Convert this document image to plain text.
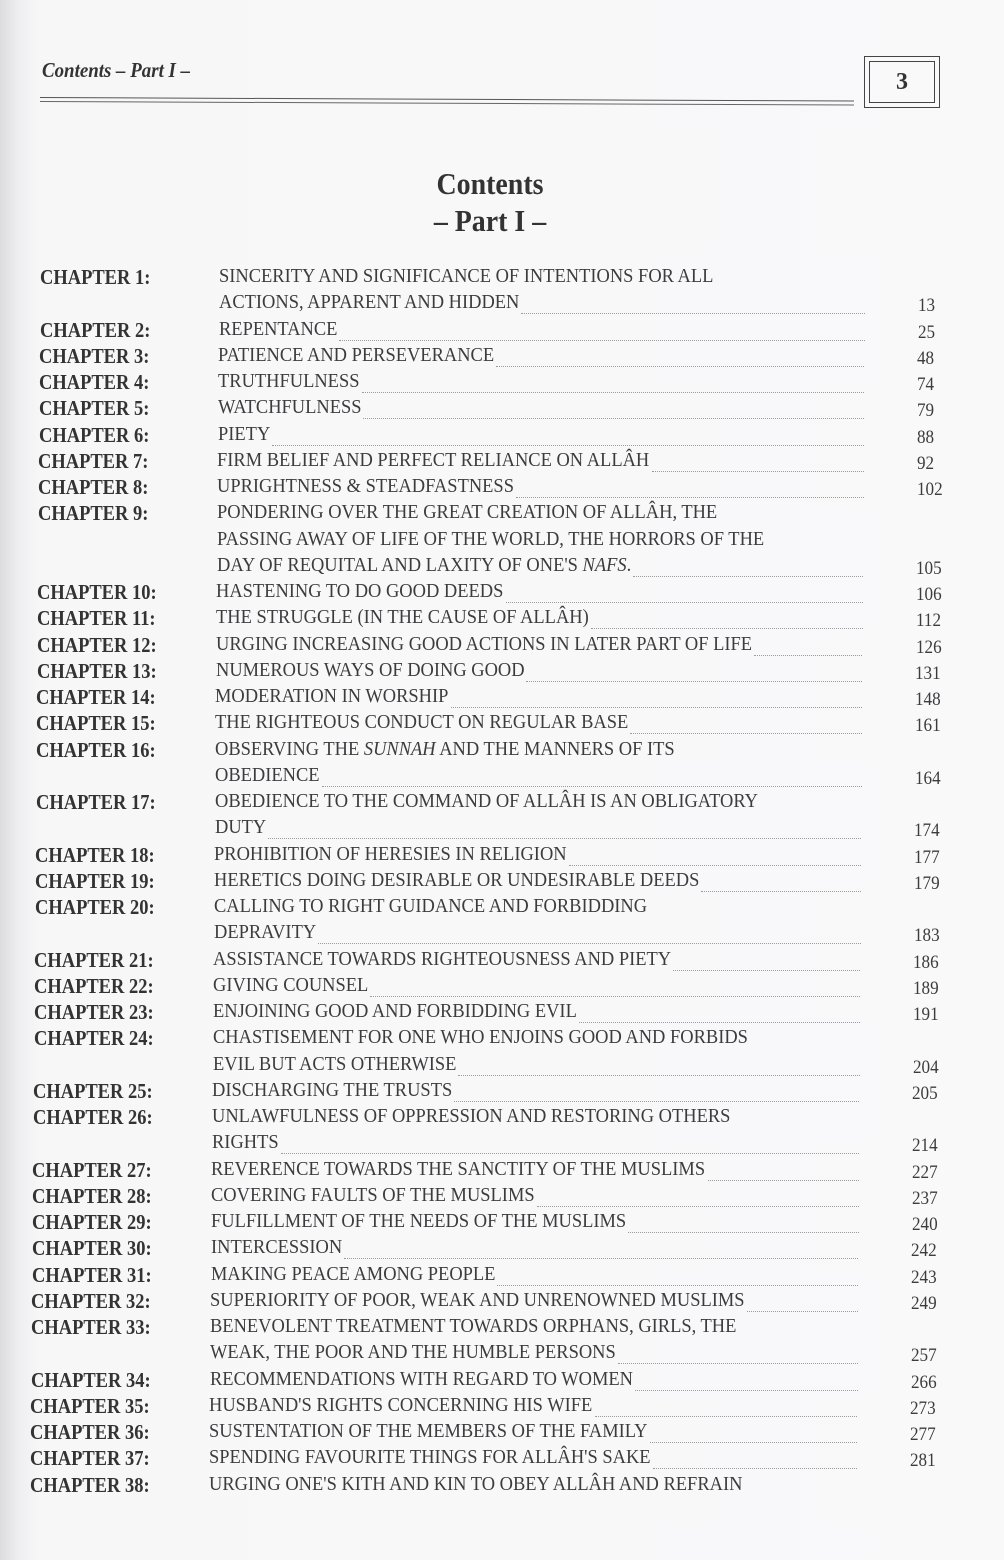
Contents – Part I –	3
Contents
– Part I –
CHAPTER 1:	SINCERITY AND SIGNIFICANCE OF INTENTIONS FOR ALL
ACTIONS, APPARENT AND HIDDEN	13
CHAPTER 2:	REPENTANCE	25
CHAPTER 3:	PATIENCE AND PERSEVERANCE	48
CHAPTER 4:	TRUTHFULNESS	74
CHAPTER 5:	WATCHFULNESS	79
CHAPTER 6:	PIETY	88
CHAPTER 7:	FIRM BELIEF AND PERFECT RELIANCE ON ALLÂH	92
CHAPTER 8:	UPRIGHTNESS & STEADFASTNESS	102
CHAPTER 9:	PONDERING OVER THE GREAT CREATION OF ALLÂH, THE
PASSING AWAY OF LIFE OF THE WORLD, THE HORRORS OF THE
DAY OF REQUITAL AND LAXITY OF ONE'S NAFS.	105
CHAPTER 10:	HASTENING TO DO GOOD DEEDS	106
CHAPTER 11:	THE STRUGGLE (IN THE CAUSE OF ALLÂH)	112
CHAPTER 12:	URGING INCREASING GOOD ACTIONS IN LATER PART OF LIFE	126
CHAPTER 13:	NUMEROUS WAYS OF DOING GOOD	131
CHAPTER 14:	MODERATION IN WORSHIP	148
CHAPTER 15:	THE RIGHTEOUS CONDUCT ON REGULAR BASE	161
CHAPTER 16:	OBSERVING THE SUNNAH AND THE MANNERS OF ITS
OBEDIENCE	164
CHAPTER 17:	OBEDIENCE TO THE COMMAND OF ALLÂH IS AN OBLIGATORY
DUTY	174
CHAPTER 18:	PROHIBITION OF HERESIES IN RELIGION	177
CHAPTER 19:	HERETICS DOING DESIRABLE OR UNDESIRABLE DEEDS	179
CHAPTER 20:	CALLING TO RIGHT GUIDANCE AND FORBIDDING
DEPRAVITY	183
CHAPTER 21:	ASSISTANCE TOWARDS RIGHTEOUSNESS AND PIETY	186
CHAPTER 22:	GIVING COUNSEL	189
CHAPTER 23:	ENJOINING GOOD AND FORBIDDING EVIL	191
CHAPTER 24:	CHASTISEMENT FOR ONE WHO ENJOINS GOOD AND FORBIDS
EVIL BUT ACTS OTHERWISE	204
CHAPTER 25:	DISCHARGING THE TRUSTS	205
CHAPTER 26:	UNLAWFULNESS OF OPPRESSION AND RESTORING OTHERS
RIGHTS	214
CHAPTER 27:	REVERENCE TOWARDS THE SANCTITY OF THE MUSLIMS	227
CHAPTER 28:	COVERING FAULTS OF THE MUSLIMS	237
CHAPTER 29:	FULFILLMENT OF THE NEEDS OF THE MUSLIMS	240
CHAPTER 30:	INTERCESSION	242
CHAPTER 31:	MAKING PEACE AMONG PEOPLE	243
CHAPTER 32:	SUPERIORITY OF POOR, WEAK AND UNRENOWNED MUSLIMS	249
CHAPTER 33:	BENEVOLENT TREATMENT TOWARDS ORPHANS, GIRLS, THE
WEAK, THE POOR AND THE HUMBLE PERSONS	257
CHAPTER 34:	RECOMMENDATIONS WITH REGARD TO WOMEN	266
CHAPTER 35:	HUSBAND'S RIGHTS CONCERNING HIS WIFE	273
CHAPTER 36:	SUSTENTATION OF THE MEMBERS OF THE FAMILY	277
CHAPTER 37:	SPENDING FAVOURITE THINGS FOR ALLÂH'S SAKE	281
CHAPTER 38:	URGING ONE'S KITH AND KIN TO OBEY ALLÂH AND REFRAIN
